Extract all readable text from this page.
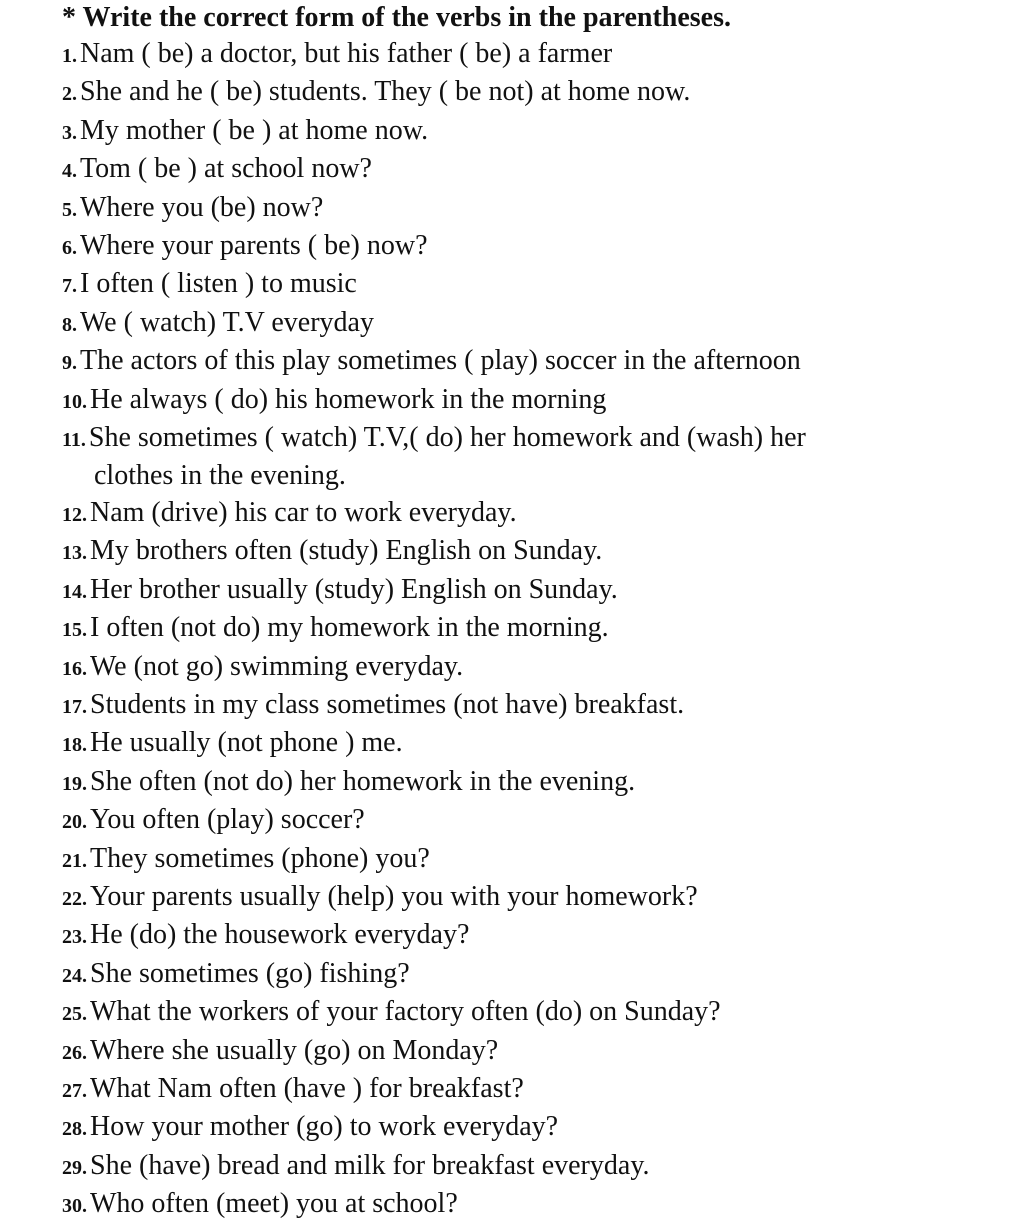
* Write the correct form of the verbs in the parentheses.
1. Nam ( be) a doctor, but his father ( be) a farmer
2. She and he ( be) students. They ( be not) at home now.
3. My mother ( be ) at home now.
4. Tom ( be ) at school now?
5. Where you (be) now?
6. Where your parents ( be) now?
7. I often ( listen ) to music
8. We ( watch) T.V everyday
9. The actors of this play sometimes ( play) soccer in the afternoon
10. He always ( do) his homework in the morning
11. She sometimes ( watch) T.V,( do) her homework and (wash) her
clothes in the evening.
12. Nam (drive) his car to work everyday.
13. My brothers often (study) English on Sunday.
14. Her brother usually (study) English on Sunday.
15. I often (not do) my homework in the morning.
16. We (not go) swimming everyday.
17. Students in my class sometimes (not have) breakfast.
18. He usually (not phone ) me.
19. She often (not do) her homework in the evening.
20. You often (play) soccer?
21. They sometimes (phone) you?
22. Your parents usually (help) you with your homework?
23. He (do) the housework everyday?
24. She sometimes (go) fishing?
25. What the workers of your factory often (do) on Sunday?
26. Where she usually (go) on Monday?
27. What Nam often (have ) for breakfast?
28. How your mother (go) to work everyday?
29. She (have) bread and milk for breakfast everyday.
30. Who often (meet) you at school?
